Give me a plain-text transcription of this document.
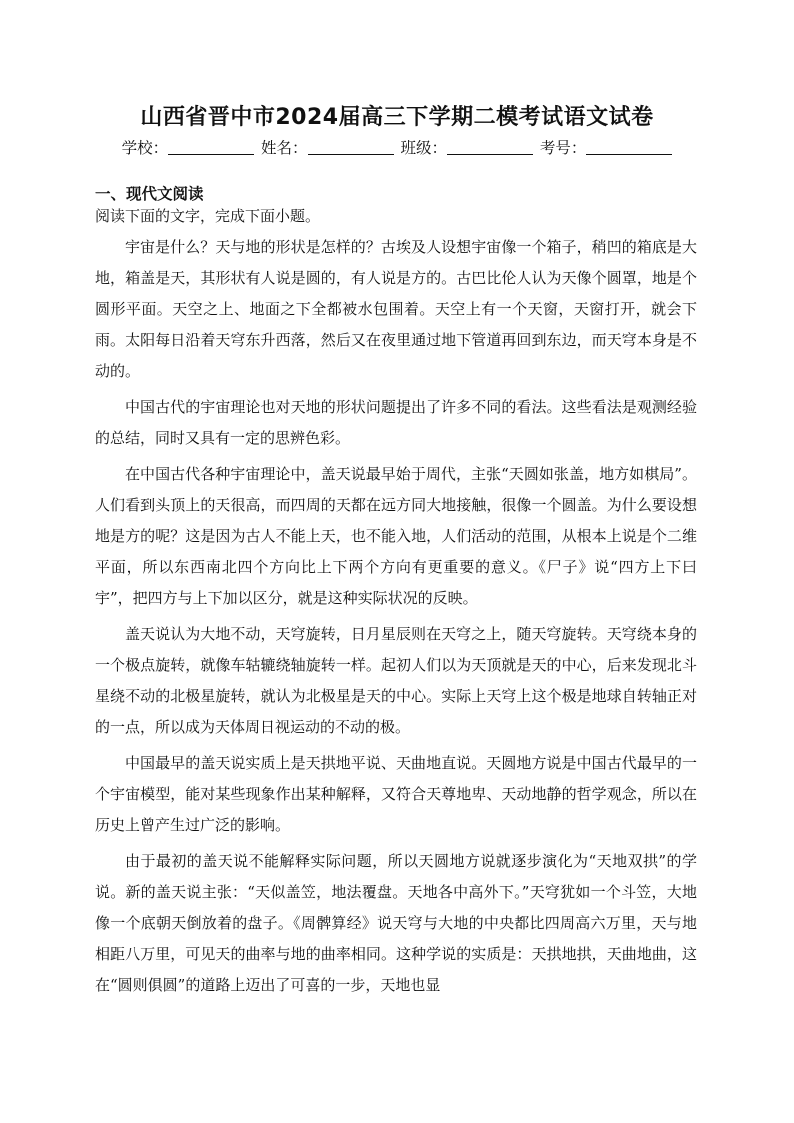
山西省晋中市2024届高三下学期二模考试语文试卷
学校：	姓名：	班级：	考号：
一、现代文阅读
阅读下面的文字，完成下面小题。

宇宙是什么？天与地的形状是怎样的？古埃及人设想宇宙像一个箱子，稍凹的箱底是大地，箱盖是天，其形状有人说是圆的，有人说是方的。古巴比伦人认为天像个圆罩，地是个圆形平面。天空之上、地面之下全都被水包围着。天空上有一个天窗，天窗打开，就会下雨。太阳每日沿着天穹东升西落，然后又在夜里通过地下管道再回到东边，而天穹本身是不动的。

中国古代的宇宙理论也对天地的形状问题提出了许多不同的看法。这些看法是观测经验的总结，同时又具有一定的思辨色彩。

在中国古代各种宇宙理论中，盖天说最早始于周代，主张“天圆如张盖，地方如棋局”。人们看到头顶上的天很高，而四周的天都在远方同大地接触，很像一个圆盖。为什么要设想地是方的呢？这是因为古人不能上天，也不能入地，人们活动的范围，从根本上说是个二维平面，所以东西南北四个方向比上下两个方向有更重要的意义。《尸子》说“四方上下曰宇”，把四方与上下加以区分，就是这种实际状况的反映。

盖天说认为大地不动，天穹旋转，日月星辰则在天穹之上，随天穹旋转。天穹绕本身的一个极点旋转，就像车轱辘绕轴旋转一样。起初人们以为天顶就是天的中心，后来发现北斗星绕不动的北极星旋转，就认为北极星是天的中心。实际上天穹上这个极是地球自转轴正对的一点，所以成为天体周日视运动的不动的极。

中国最早的盖天说实质上是天拱地平说、天曲地直说。天圆地方说是中国古代最早的一个宇宙模型，能对某些现象作出某种解释，又符合天尊地卑、天动地静的哲学观念，所以在历史上曾产生过广泛的影响。

由于最初的盖天说不能解释实际问题，所以天圆地方说就逐步演化为“天地双拱”的学说。新的盖天说主张：“天似盖笠，地法覆盘。天地各中高外下。”天穹犹如一个斗笠，大地像一个底朝天倒放着的盘子。《周髀算经》说天穹与大地的中央都比四周高六万里，天与地相距八万里，可见天的曲率与地的曲率相同。这种学说的实质是：天拱地拱，天曲地曲，这在“圆则俱圆”的道路上迈出了可喜的一步，天地也显
